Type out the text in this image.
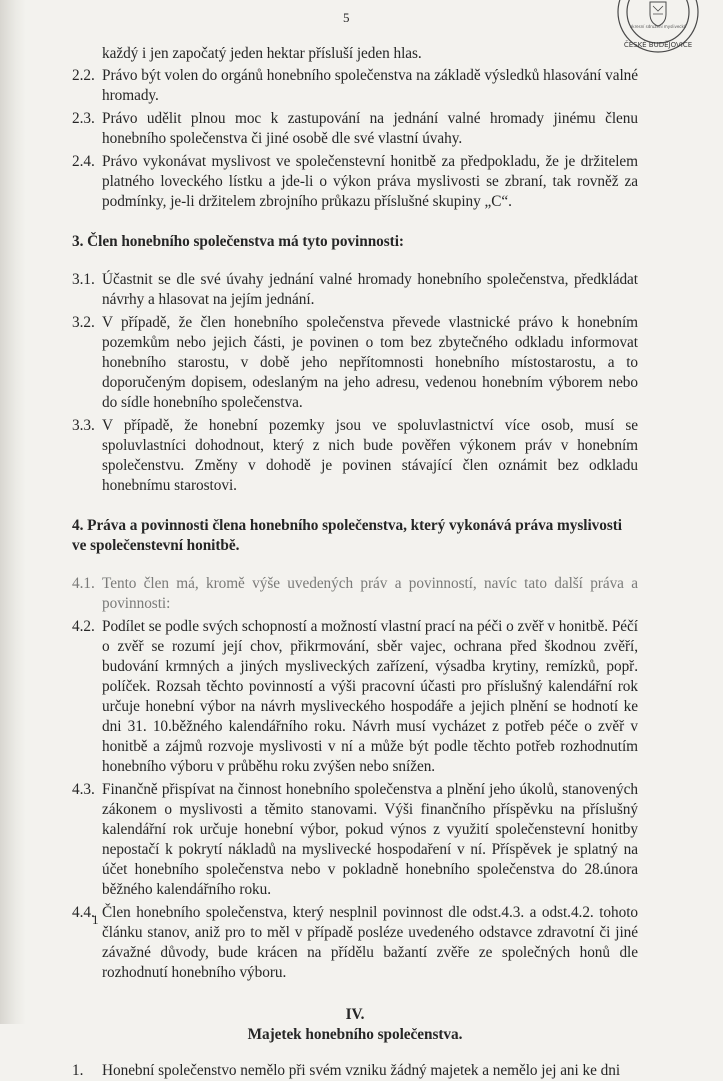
5
ČESKÉ BUDĚJOVICE
okresní sdružení myslivecké
každý i jen započatý jeden hektar přísluší jeden hlas.
2.2. Právo být volen do orgánů honebního společenstva na základě výsledků hlasování valné hromady.
2.3. Právo udělit plnou moc k zastupování na jednání valné hromady jinému členu honebního společenstva či jiné osobě dle své vlastní úvahy.
2.4. Právo vykonávat myslivost ve společenstevní honitbě za předpokladu, že je držitelem platného loveckého lístku a jde-li o výkon práva myslivosti se zbraní, tak rovněž za podmínky, je-li držitelem zbrojního průkazu příslušné skupiny „C“.
3. Člen honebního společenstva má tyto povinnosti:
3.1. Účastnit se dle své úvahy jednání valné hromady honebního společenstva, předkládat návrhy a hlasovat na jejím jednání.
3.2. V případě, že člen honebního společenstva převede vlastnické právo k honebním pozemkům nebo jejich části, je povinen o tom bez zbytečného odkladu informovat honebního starostu, v době jeho nepřítomnosti honebního místostarostu, a to doporučeným dopisem, odeslaným na jeho adresu, vedenou honebním výborem nebo do sídle honebního společenstva.
3.3. V případě, že honební pozemky jsou ve spoluvlastnictví více osob, musí se spoluvlastníci dohodnout, který z nich bude pověřen výkonem práv v honebním společenstvu. Změny v dohodě je povinen stávající člen oznámit bez odkladu honebnímu starostovi.
4. Práva a povinnosti člena honebního společenstva, který vykonává práva myslivosti ve společenstevní honitbě.
4.1. Tento člen má, kromě výše uvedených práv a povinností, navíc tato další práva a povinnosti:
4.2. Podílet se podle svých schopností a možností vlastní prací na péči o zvěř v honitbě. Péčí o zvěř se rozumí její chov, přikrmování, sběr vajec, ochrana před škodnou zvěří, budování krmných a jiných mysliveckých zařízení, výsadba krytiny, remízků, popř. políček. Rozsah těchto povinností a výši pracovní účasti pro příslušný kalendářní rok určuje honební výbor na návrh mysliveckého hospodáře a jejich plnění se hodnotí ke dni 31. 10.běžného kalendářního roku. Návrh musí vycházet z potřeb péče o zvěř v honitbě a zájmů rozvoje myslivosti v ní a může být podle těchto potřeb rozhodnutím honebního výboru v průběhu roku zvýšen nebo snížen.
4.3. Finančně přispívat na činnost honebního společenstva a plnění jeho úkolů, stanovených zákonem o myslivosti a těmito stanovami. Výši finančního příspěvku na příslušný kalendářní rok určuje honební výbor, pokud výnos z využití společenstevní honitby nepostačí k pokrytí nákladů na myslivecké hospodaření v ní. Příspěvek je splatný na účet honebního společenstva nebo v pokladně honebního společenstva do 28.února běžného kalendářního roku.
4.4. Člen honebního společenstva, který nesplnil povinnost dle odst.4.3. a odst.4.2. tohoto článku stanov, aniž pro to měl v případě posléze uvedeného odstavce zdravotní či jiné závažné důvody, bude krácen na přídělu bažantí zvěře ze společných honů dle rozhodnutí honebního výboru.
IV.
Majetek honebního společenstva.
1.	Honební společenstvo nemělo při svém vzniku žádný majetek a nemělo jej ani ke dni
1
